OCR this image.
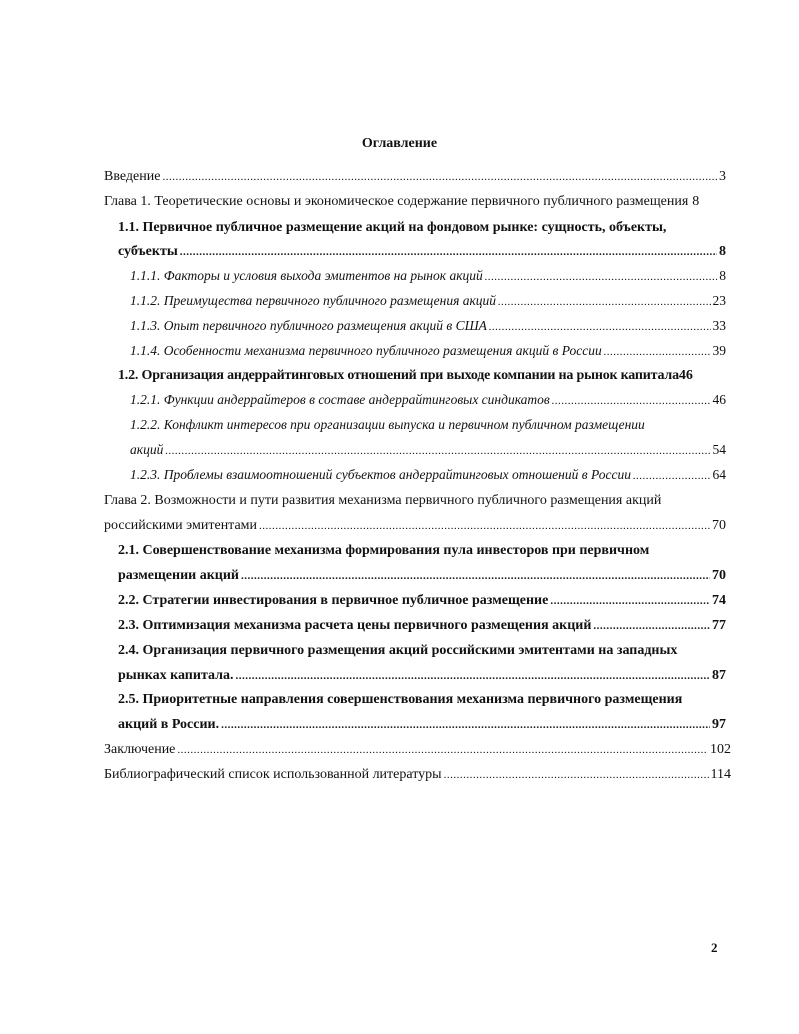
Оглавление
Введение .....	3
Глава 1. Теоретические основы и экономическое содержание первичного публичного размещения 8
1.1. Первичное публичное размещение акций на фондовом рынке: сущность, объекты,
субъекты .....	8
1.1.1. Факторы и условия выхода эмитентов на рынок акций .....	8
1.1.2. Преимущества первичного публичного размещения акций .....	23
1.1.3. Опыт первичного публичного размещения акций в США .....	33
1.1.4. Особенности механизма первичного публичного размещения акций в России .....	39
1.2. Организация андеррайтинговых отношений при выходе компании на рынок капитала 46
1.2.1. Функции андеррайтеров в составе андеррайтинговых синдикатов .....	46
1.2.2. Конфликт интересов при организации выпуска и первичном публичном размещении
акций .....	54
1.2.3. Проблемы взаимоотношений субъектов андеррайтинговых отношений в России .....	64
Глава 2. Возможности и пути развития механизма первичного публичного размещения акций
российскими эмитентами .....	70
2.1. Совершенствование механизма формирования пула инвесторов при первичном
размещении акций .....	70
2.2. Стратегии инвестирования в первичное публичное размещение .....	74
2.3. Оптимизация механизма расчета цены первичного размещения акций .....	77
2.4. Организация первичного размещения акций российскими эмитентами на западных
рынках капитала. .....	87
2.5. Приоритетные направления совершенствования механизма первичного размещения
акций в России. .....	97
Заключение .....	102
Библиографический список использованной литературы .....	114
2
